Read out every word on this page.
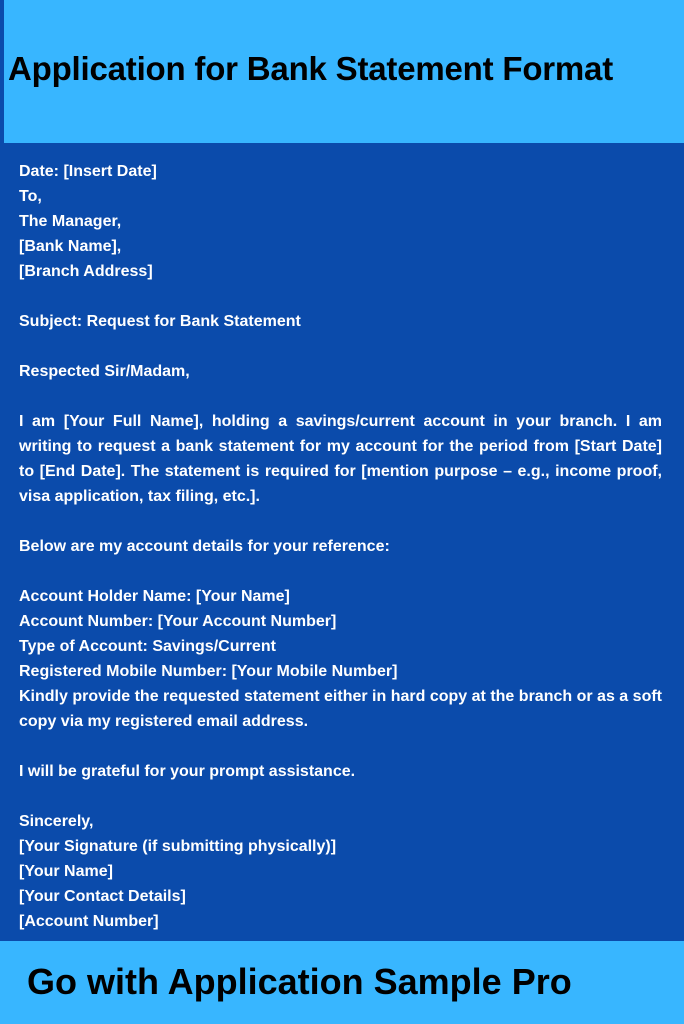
Application for Bank Statement Format
Date: [Insert Date]
To,
The Manager,
[Bank Name],
[Branch Address]
Subject: Request for Bank Statement
Respected Sir/Madam,
I am [Your Full Name], holding a savings/current account in your branch. I am writing to request a bank statement for my account for the period from [Start Date] to [End Date]. The statement is required for [mention purpose – e.g., income proof, visa application, tax filing, etc.].
Below are my account details for your reference:
Account Holder Name: [Your Name]
Account Number: [Your Account Number]
Type of Account: Savings/Current
Registered Mobile Number: [Your Mobile Number]
Kindly provide the requested statement either in hard copy at the branch or as a soft copy via my registered email address.
I will be grateful for your prompt assistance.
Sincerely,
[Your Signature (if submitting physically)]
[Your Name]
[Your Contact Details]
[Account Number]

Go with Application Sample Pro
